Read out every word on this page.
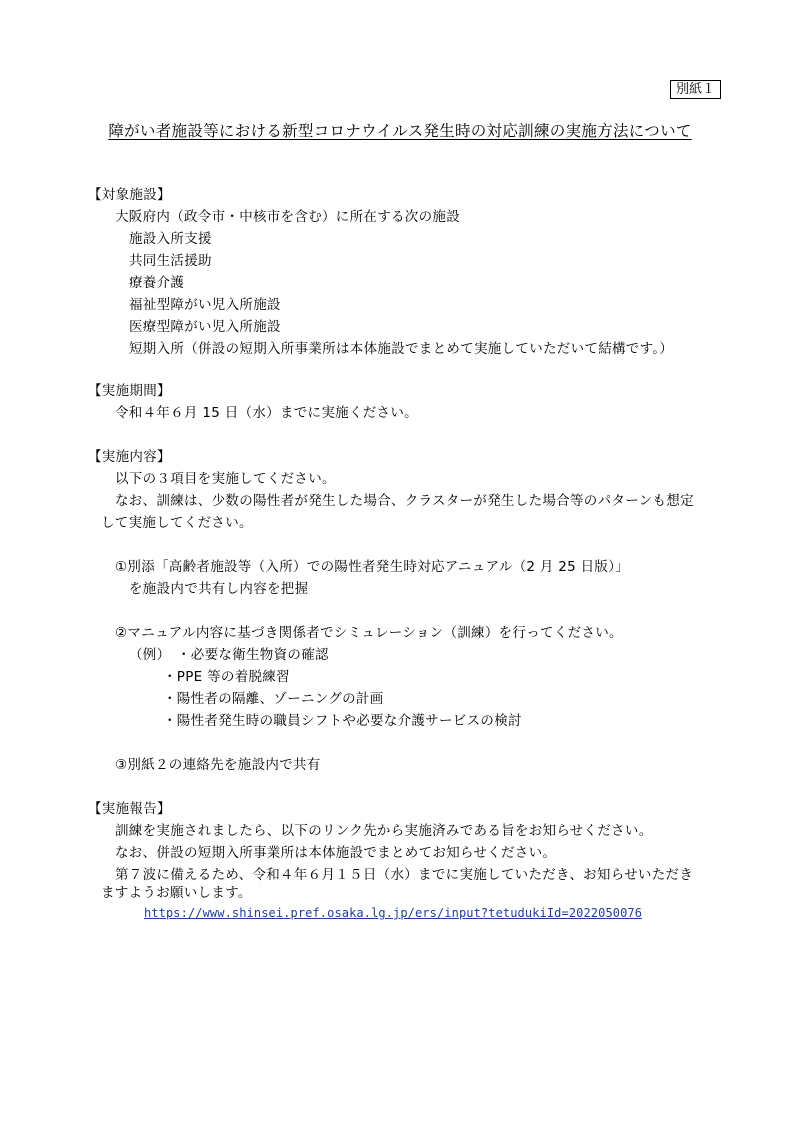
別紙１
障がい者施設等における新型コロナウイルス発生時の対応訓練の実施方法について
【対象施設】
大阪府内（政令市・中核市を含む）に所在する次の施設
施設入所支援
共同生活援助
療養介護
福祉型障がい児入所施設
医療型障がい児入所施設
短期入所（併設の短期入所事業所は本体施設でまとめて実施していただいて結構です。）
【実施期間】
令和４年６月 15 日（水）までに実施ください。
【実施内容】
以下の３項目を実施してください。
なお、訓練は、少数の陽性者が発生した場合、クラスターが発生した場合等のパターンも想定
して実施してください。
①別添「高齢者施設等（入所）での陽性者発生時対応アニュアル（2 月 25 日版）」
を施設内で共有し内容を把握
②マニュアル内容に基づき関係者でシミュレーション（訓練）を行ってください。
（例） ・必要な衛生物資の確認
・PPE 等の着脱練習
・陽性者の隔離、ゾーニングの計画
・陽性者発生時の職員シフトや必要な介護サービスの検討
③別紙２の連絡先を施設内で共有
【実施報告】
訓練を実施されましたら、以下のリンク先から実施済みである旨をお知らせください。
なお、併設の短期入所事業所は本体施設でまとめてお知らせください。
第７波に備えるため、令和４年６月１５日（水）までに実施していただき、お知らせいただき
ますようお願いします。
https://www.shinsei.pref.osaka.lg.jp/ers/input?tetudukiId=2022050076
